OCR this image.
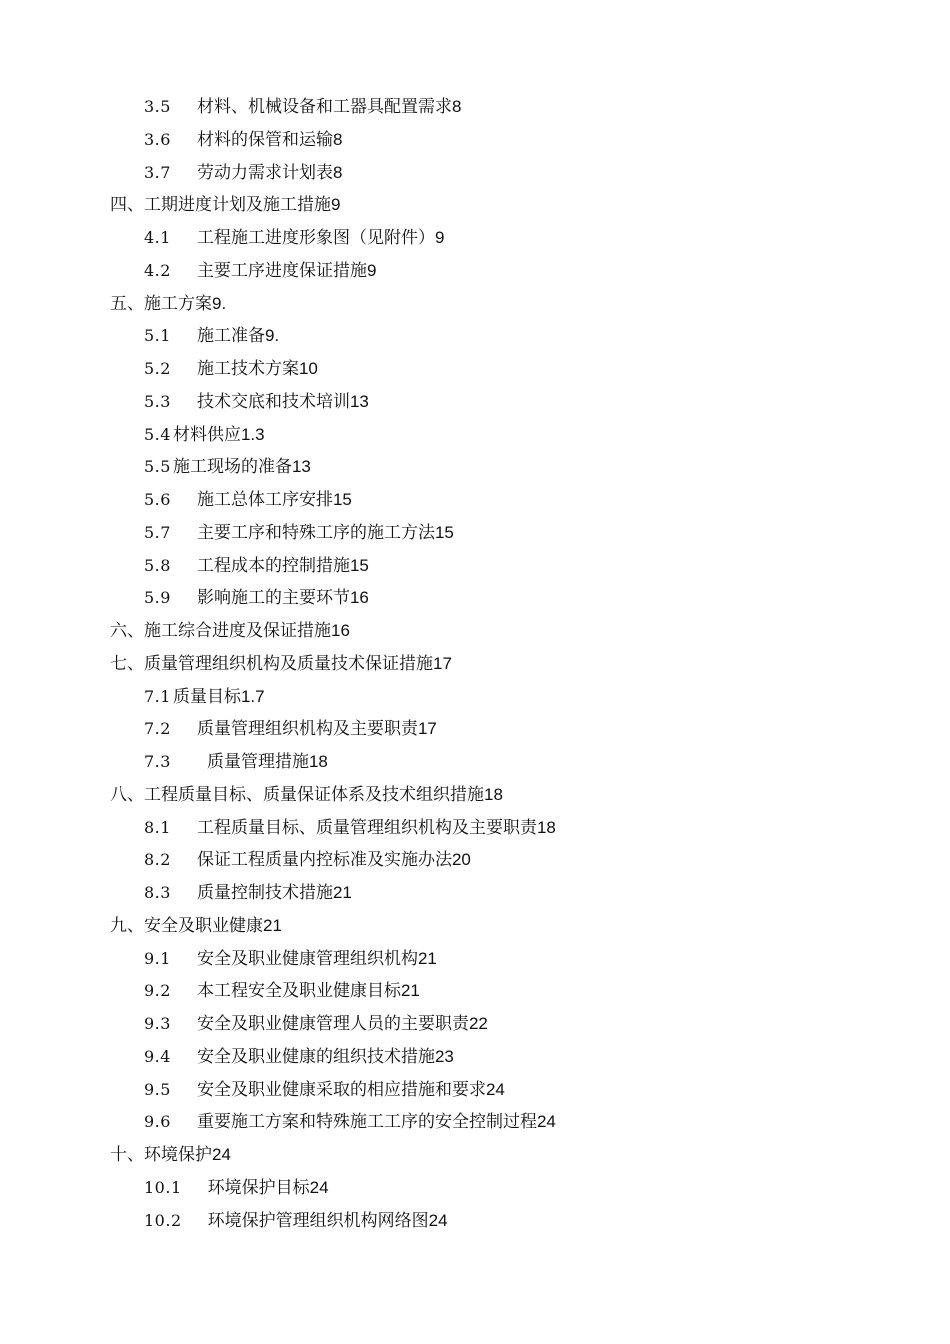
3.5 材料、机械设备和工器具配置需求8
3.6 材料的保管和运输8
3.7 劳动力需求计划表8
四、工期进度计划及施工措施9
4.1 工程施工进度形象图（见附件）9
4.2 主要工序进度保证措施9
五、施工方案9.
5.1 施工准备9.
5.2 施工技术方案10
5.3 技术交底和技术培训13
5.4 材料供应1.3
5.5 施工现场的准备13
5.6 施工总体工序安排15
5.7 主要工序和特殊工序的施工方法15
5.8 工程成本的控制措施15
5.9 影响施工的主要环节16
六、施工综合进度及保证措施16
七、质量管理组织机构及质量技术保证措施17
7.1 质量目标1.7
7.2 质量管理组织机构及主要职责17
7.3 质量管理措施18
八、工程质量目标、质量保证体系及技术组织措施18
8.1 工程质量目标、质量管理组织机构及主要职责18
8.2 保证工程质量内控标准及实施办法20
8.3 质量控制技术措施21
九、安全及职业健康21
9.1 安全及职业健康管理组织机构21
9.2 本工程安全及职业健康目标21
9.3 安全及职业健康管理人员的主要职责22
9.4 安全及职业健康的组织技术措施23
9.5 安全及职业健康采取的相应措施和要求24
9.6 重要施工方案和特殊施工工序的安全控制过程24
十、环境保护24
10.1 环境保护目标24
10.2 环境保护管理组织机构网络图24
